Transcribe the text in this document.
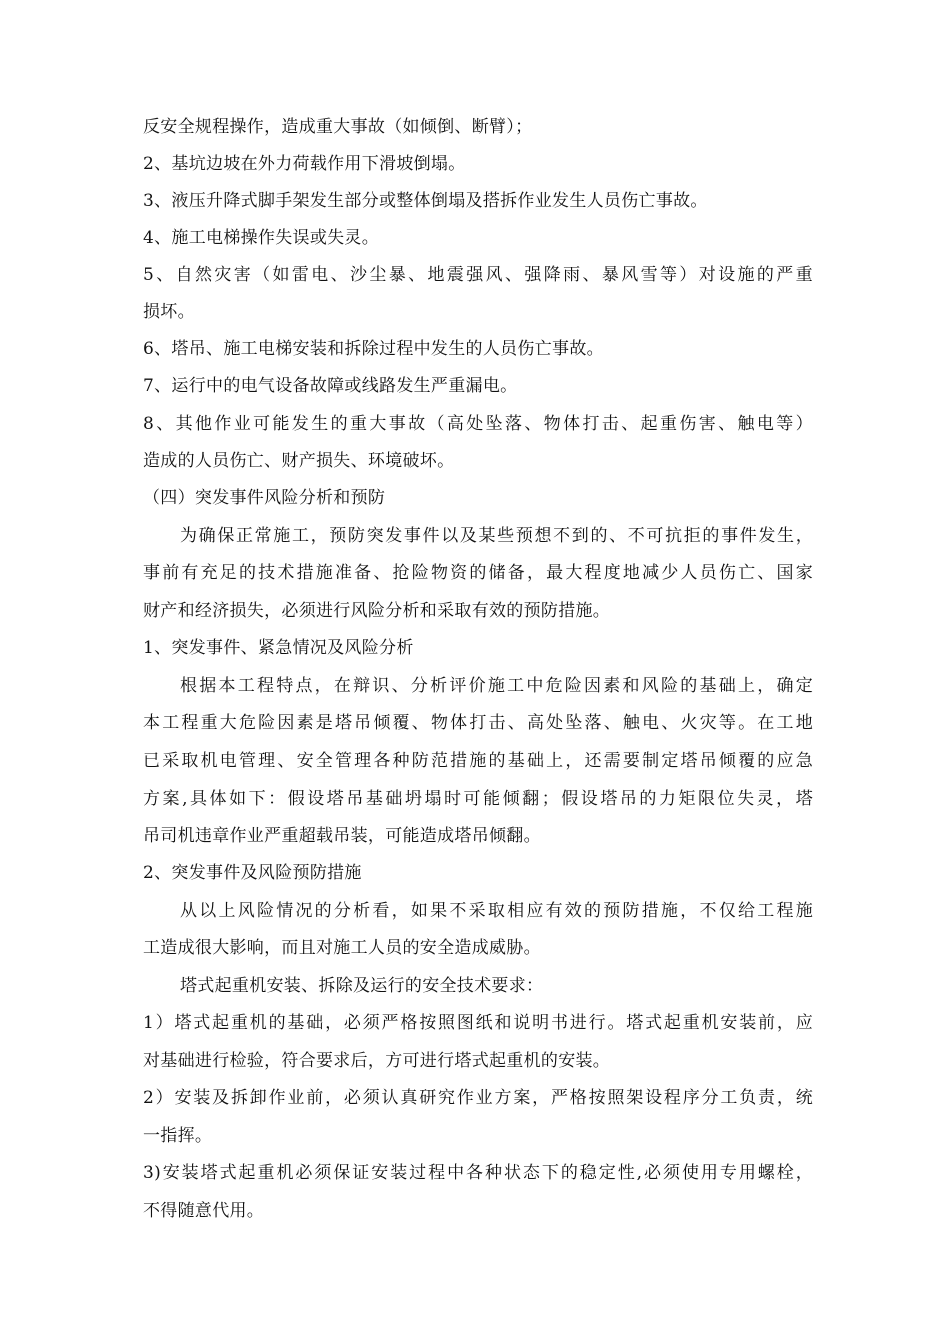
反安全规程操作，造成重大事故（如倾倒、断臂）；
2、基坑边坡在外力荷载作用下滑坡倒塌。
3、液压升降式脚手架发生部分或整体倒塌及搭拆作业发生人员伤亡事故。
4、施工电梯操作失误或失灵。
5、自然灾害（如雷电、沙尘暴、地震强风、强降雨、暴风雪等）对设施的严重
损坏。
6、塔吊、施工电梯安装和拆除过程中发生的人员伤亡事故。
7、运行中的电气设备故障或线路发生严重漏电。
8、其他作业可能发生的重大事故（高处坠落、物体打击、起重伤害、触电等）
造成的人员伤亡、财产损失、环境破坏。
（四）突发事件风险分析和预防
为确保正常施工，预防突发事件以及某些预想不到的、不可抗拒的事件发生，
事前有充足的技术措施准备、抢险物资的储备，最大程度地减少人员伤亡、国家
财产和经济损失，必须进行风险分析和采取有效的预防措施。
1、突发事件、紧急情况及风险分析
根据本工程特点，在辩识、分析评价施工中危险因素和风险的基础上，确定
本工程重大危险因素是塔吊倾覆、物体打击、高处坠落、触电、火灾等。在工地
已采取机电管理、安全管理各种防范措施的基础上，还需要制定塔吊倾覆的应急
方案,具体如下：假设塔吊基础坍塌时可能倾翻；假设塔吊的力矩限位失灵，塔
吊司机违章作业严重超载吊装，可能造成塔吊倾翻。
2、突发事件及风险预防措施
从以上风险情况的分析看，如果不采取相应有效的预防措施，不仅给工程施
工造成很大影响，而且对施工人员的安全造成威胁。
塔式起重机安装、拆除及运行的安全技术要求：
1）塔式起重机的基础，必须严格按照图纸和说明书进行。塔式起重机安装前，应
对基础进行检验，符合要求后，方可进行塔式起重机的安装。
2）安装及拆卸作业前，必须认真研究作业方案，严格按照架设程序分工负责，统
一指挥。
3)安装塔式起重机必须保证安装过程中各种状态下的稳定性,必须使用专用螺栓，
不得随意代用。
